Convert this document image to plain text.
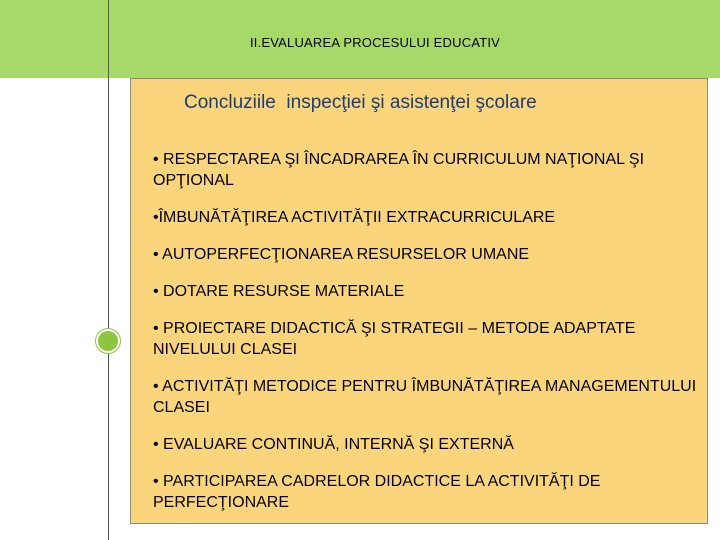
II.EVALUAREA PROCESULUI EDUCATIV
Concluziile  inspecţiei şi asistenţei şcolare
• RESPECTAREA ŞI ÎNCADRAREA ÎN CURRICULUM NAŢIONAL ŞI OPŢIONAL
•ÎMBUNĂTĂŢIREA ACTIVITĂŢII EXTRACURRICULARE
• AUTOPERFECŢIONAREA RESURSELOR UMANE
• DOTARE RESURSE MATERIALE
• PROIECTARE DIDACTICĂ ŞI STRATEGII – METODE ADAPTATE NIVELULUI CLASEI
• ACTIVITĂŢI METODICE PENTRU ÎMBUNĂTĂŢIREA MANAGEMENTULUI CLASEI
• EVALUARE CONTINUĂ, INTERNĂ ŞI EXTERNĂ
• PARTICIPAREA CADRELOR DIDACTICE LA ACTIVITĂŢI DE PERFECŢIONARE
